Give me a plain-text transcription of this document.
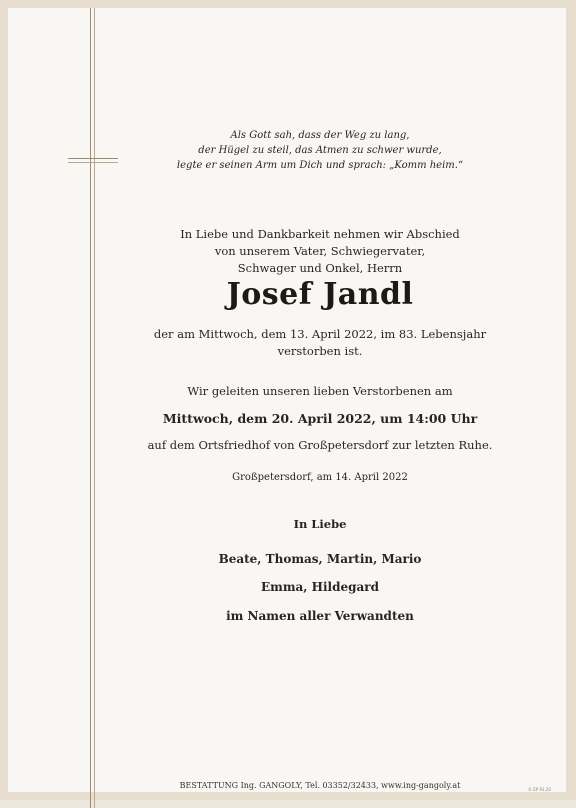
Als Gott sah, dass der Weg zu lang,
der Hügel zu steil, das Atmen zu schwer wurde,
legte er seinen Arm um Dich und sprach: „Komm heim.“
In Liebe und Dankbarkeit nehmen wir Abschied
von unserem Vater, Schwiegervater,
Schwager und Onkel, Herrn
Josef Jandl
der am Mittwoch, dem 13. April 2022, im 83. Lebensjahr
verstorben ist.
Wir geleiten unseren lieben Verstorbenen am
Mittwoch, dem 20. April 2022, um 14:00 Uhr
auf dem Ortsfriedhof von Großpetersdorf zur letzten Ruhe.
Großpetersdorf, am 14. April 2022
In Liebe
Beate, Thomas, Martin, Mario
Emma, Hildegard
im Namen aller Verwandten
BESTATTUNG Ing. GANGOLY, Tel. 03352/32433, www.ing-gangoly.at	© EP 91.20
